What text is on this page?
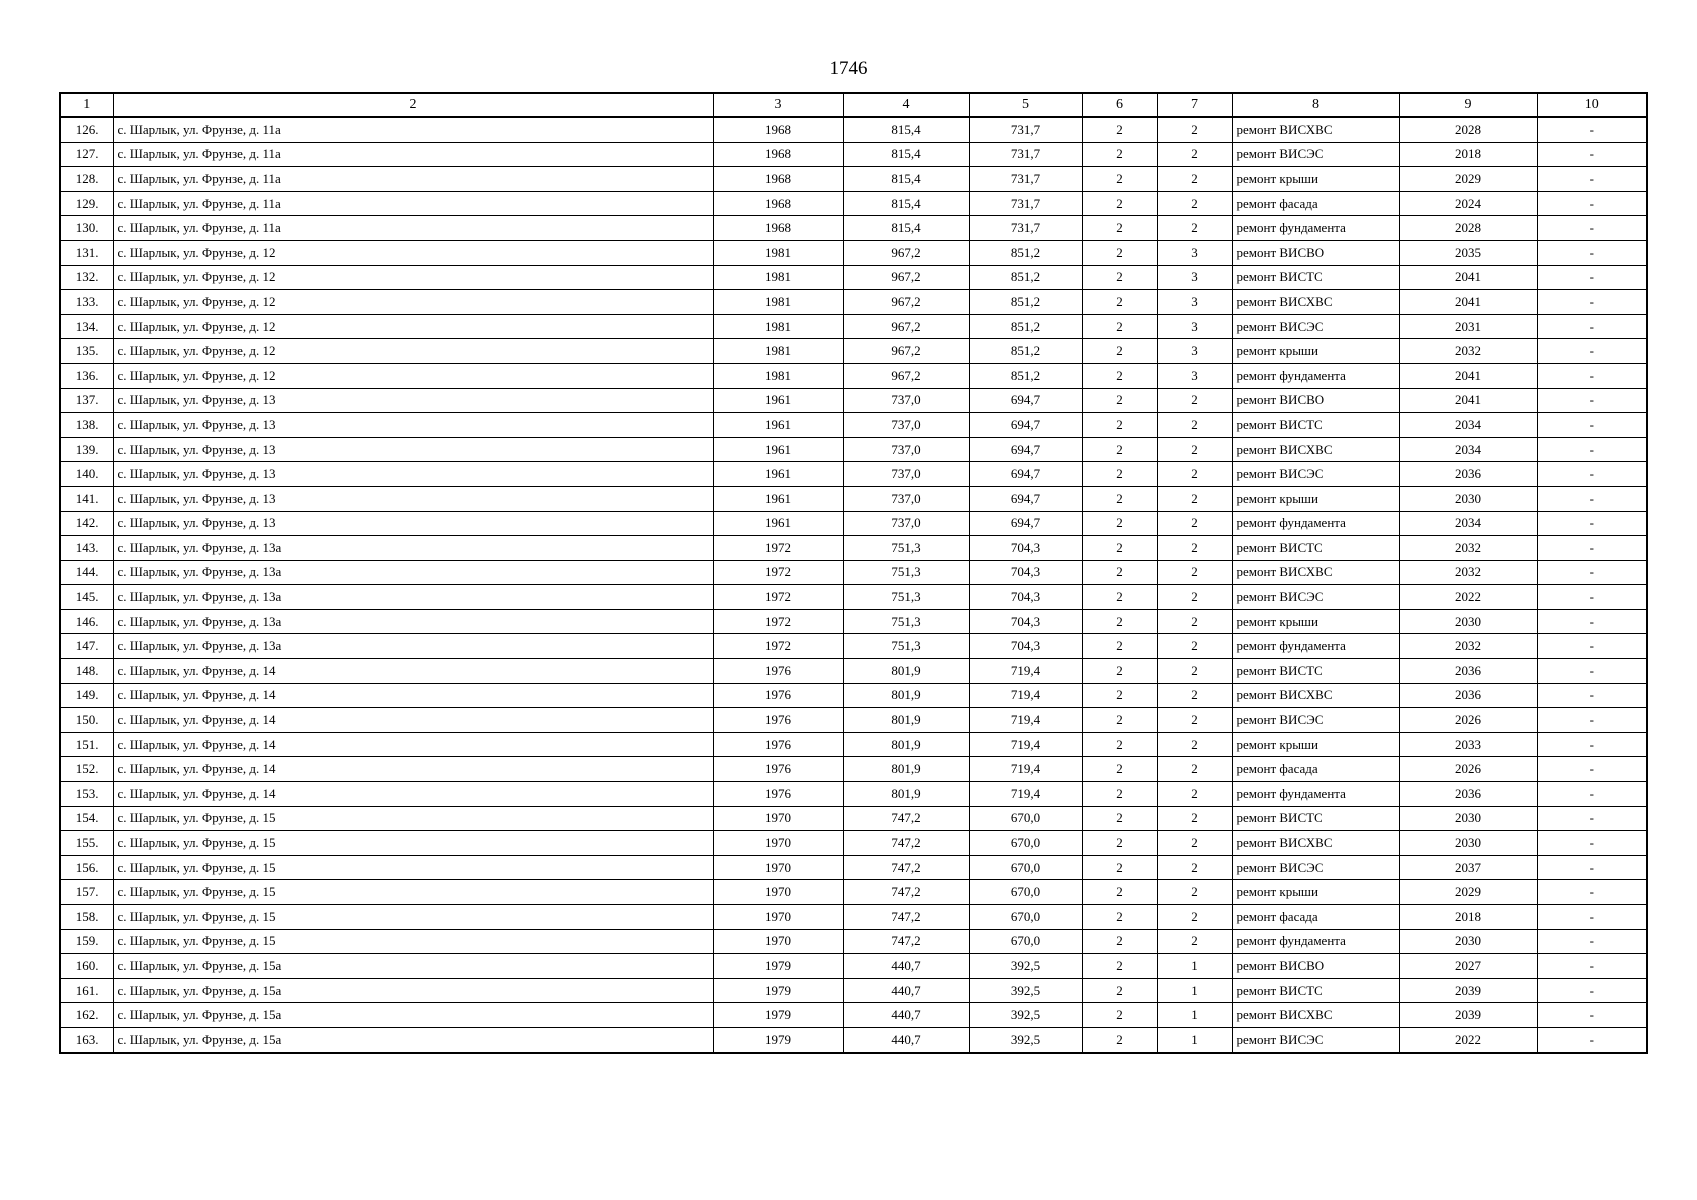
1746
1	2	3	4	5	6	7	8	9	10
126.	с. Шарлык, ул. Фрунзе, д. 11а	1968	815,4	731,7	2	2	ремонт ВИСХВС	2028	-
127.	с. Шарлык, ул. Фрунзе, д. 11а	1968	815,4	731,7	2	2	ремонт ВИСЭС	2018	-
128.	с. Шарлык, ул. Фрунзе, д. 11а	1968	815,4	731,7	2	2	ремонт крыши	2029	-
129.	с. Шарлык, ул. Фрунзе, д. 11а	1968	815,4	731,7	2	2	ремонт фасада	2024	-
130.	с. Шарлык, ул. Фрунзе, д. 11а	1968	815,4	731,7	2	2	ремонт фундамента	2028	-
131.	с. Шарлык, ул. Фрунзе, д. 12	1981	967,2	851,2	2	3	ремонт ВИСВО	2035	-
132.	с. Шарлык, ул. Фрунзе, д. 12	1981	967,2	851,2	2	3	ремонт ВИСТС	2041	-
133.	с. Шарлык, ул. Фрунзе, д. 12	1981	967,2	851,2	2	3	ремонт ВИСХВС	2041	-
134.	с. Шарлык, ул. Фрунзе, д. 12	1981	967,2	851,2	2	3	ремонт ВИСЭС	2031	-
135.	с. Шарлык, ул. Фрунзе, д. 12	1981	967,2	851,2	2	3	ремонт крыши	2032	-
136.	с. Шарлык, ул. Фрунзе, д. 12	1981	967,2	851,2	2	3	ремонт фундамента	2041	-
137.	с. Шарлык, ул. Фрунзе, д. 13	1961	737,0	694,7	2	2	ремонт ВИСВО	2041	-
138.	с. Шарлык, ул. Фрунзе, д. 13	1961	737,0	694,7	2	2	ремонт ВИСТС	2034	-
139.	с. Шарлык, ул. Фрунзе, д. 13	1961	737,0	694,7	2	2	ремонт ВИСХВС	2034	-
140.	с. Шарлык, ул. Фрунзе, д. 13	1961	737,0	694,7	2	2	ремонт ВИСЭС	2036	-
141.	с. Шарлык, ул. Фрунзе, д. 13	1961	737,0	694,7	2	2	ремонт крыши	2030	-
142.	с. Шарлык, ул. Фрунзе, д. 13	1961	737,0	694,7	2	2	ремонт фундамента	2034	-
143.	с. Шарлык, ул. Фрунзе, д. 13а	1972	751,3	704,3	2	2	ремонт ВИСТС	2032	-
144.	с. Шарлык, ул. Фрунзе, д. 13а	1972	751,3	704,3	2	2	ремонт ВИСХВС	2032	-
145.	с. Шарлык, ул. Фрунзе, д. 13а	1972	751,3	704,3	2	2	ремонт ВИСЭС	2022	-
146.	с. Шарлык, ул. Фрунзе, д. 13а	1972	751,3	704,3	2	2	ремонт крыши	2030	-
147.	с. Шарлык, ул. Фрунзе, д. 13а	1972	751,3	704,3	2	2	ремонт фундамента	2032	-
148.	с. Шарлык, ул. Фрунзе, д. 14	1976	801,9	719,4	2	2	ремонт ВИСТС	2036	-
149.	с. Шарлык, ул. Фрунзе, д. 14	1976	801,9	719,4	2	2	ремонт ВИСХВС	2036	-
150.	с. Шарлык, ул. Фрунзе, д. 14	1976	801,9	719,4	2	2	ремонт ВИСЭС	2026	-
151.	с. Шарлык, ул. Фрунзе, д. 14	1976	801,9	719,4	2	2	ремонт крыши	2033	-
152.	с. Шарлык, ул. Фрунзе, д. 14	1976	801,9	719,4	2	2	ремонт фасада	2026	-
153.	с. Шарлык, ул. Фрунзе, д. 14	1976	801,9	719,4	2	2	ремонт фундамента	2036	-
154.	с. Шарлык, ул. Фрунзе, д. 15	1970	747,2	670,0	2	2	ремонт ВИСТС	2030	-
155.	с. Шарлык, ул. Фрунзе, д. 15	1970	747,2	670,0	2	2	ремонт ВИСХВС	2030	-
156.	с. Шарлык, ул. Фрунзе, д. 15	1970	747,2	670,0	2	2	ремонт ВИСЭС	2037	-
157.	с. Шарлык, ул. Фрунзе, д. 15	1970	747,2	670,0	2	2	ремонт крыши	2029	-
158.	с. Шарлык, ул. Фрунзе, д. 15	1970	747,2	670,0	2	2	ремонт фасада	2018	-
159.	с. Шарлык, ул. Фрунзе, д. 15	1970	747,2	670,0	2	2	ремонт фундамента	2030	-
160.	с. Шарлык, ул. Фрунзе, д. 15а	1979	440,7	392,5	2	1	ремонт ВИСВО	2027	-
161.	с. Шарлык, ул. Фрунзе, д. 15а	1979	440,7	392,5	2	1	ремонт ВИСТС	2039	-
162.	с. Шарлык, ул. Фрунзе, д. 15а	1979	440,7	392,5	2	1	ремонт ВИСХВС	2039	-
163.	с. Шарлык, ул. Фрунзе, д. 15а	1979	440,7	392,5	2	1	ремонт ВИСЭС	2022	-
